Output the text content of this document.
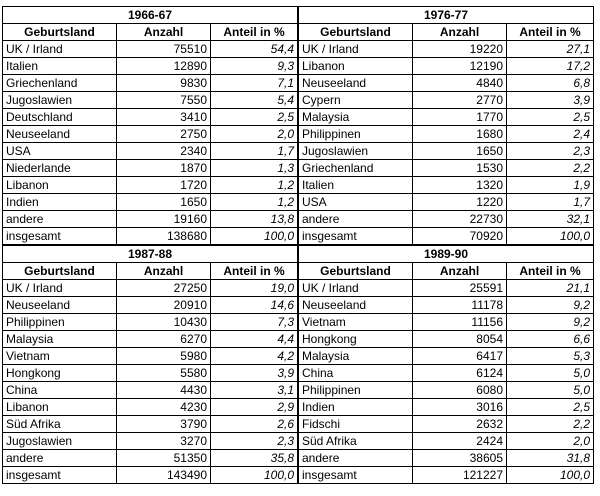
1966-67		
Geburtsland	Anzahl	Anteil in %
UK / Irland	75510	54,4
Italien	12890	9,3
Griechenland	9830	7,1
Jugoslawien	7550	5,4
Deutschland	3410	2,5
Neuseeland	2750	2,0
USA	2340	1,7
Niederlande	1870	1,3
Libanon	1720	1,2
Indien	1650	1,2
andere	19160	13,8
insgesamt	138680	100,0
1976-77		
Geburtsland	Anzahl	Anteil in %
UK / Irland	19220	27,1
Libanon	12190	17,2
Neuseeland	4840	6,8
Cypern	2770	3,9
Malaysia	1770	2,5
Philippinen	1680	2,4
Jugoslawien	1650	2,3
Griechenland	1530	2,2
Italien	1320	1,9
USA	1220	1,7
andere	22730	32,1
insgesamt	70920	100,0
1987-88		
Geburtsland	Anzahl	Anteil in %
UK / Irland	27250	19,0
Neuseeland	20910	14,6
Philippinen	10430	7,3
Malaysia	6270	4,4
Vietnam	5980	4,2
Hongkong	5580	3,9
China	4430	3,1
Libanon	4230	2,9
Süd Afrika	3790	2,6
Jugoslawien	3270	2,3
andere	51350	35,8
insgesamt	143490	100,0
1989-90		
Geburtsland	Anzahl	Anteil in %
UK / Irland	25591	21,1
Neuseeland	11178	9,2
Vietnam	11156	9,2
Hongkong	8054	6,6
Malaysia	6417	5,3
China	6124	5,0
Philippinen	6080	5,0
Indien	3016	2,5
Fidschi	2632	2,2
Süd Afrika	2424	2,0
andere	38605	31,8
insgesamt	121227	100,0
